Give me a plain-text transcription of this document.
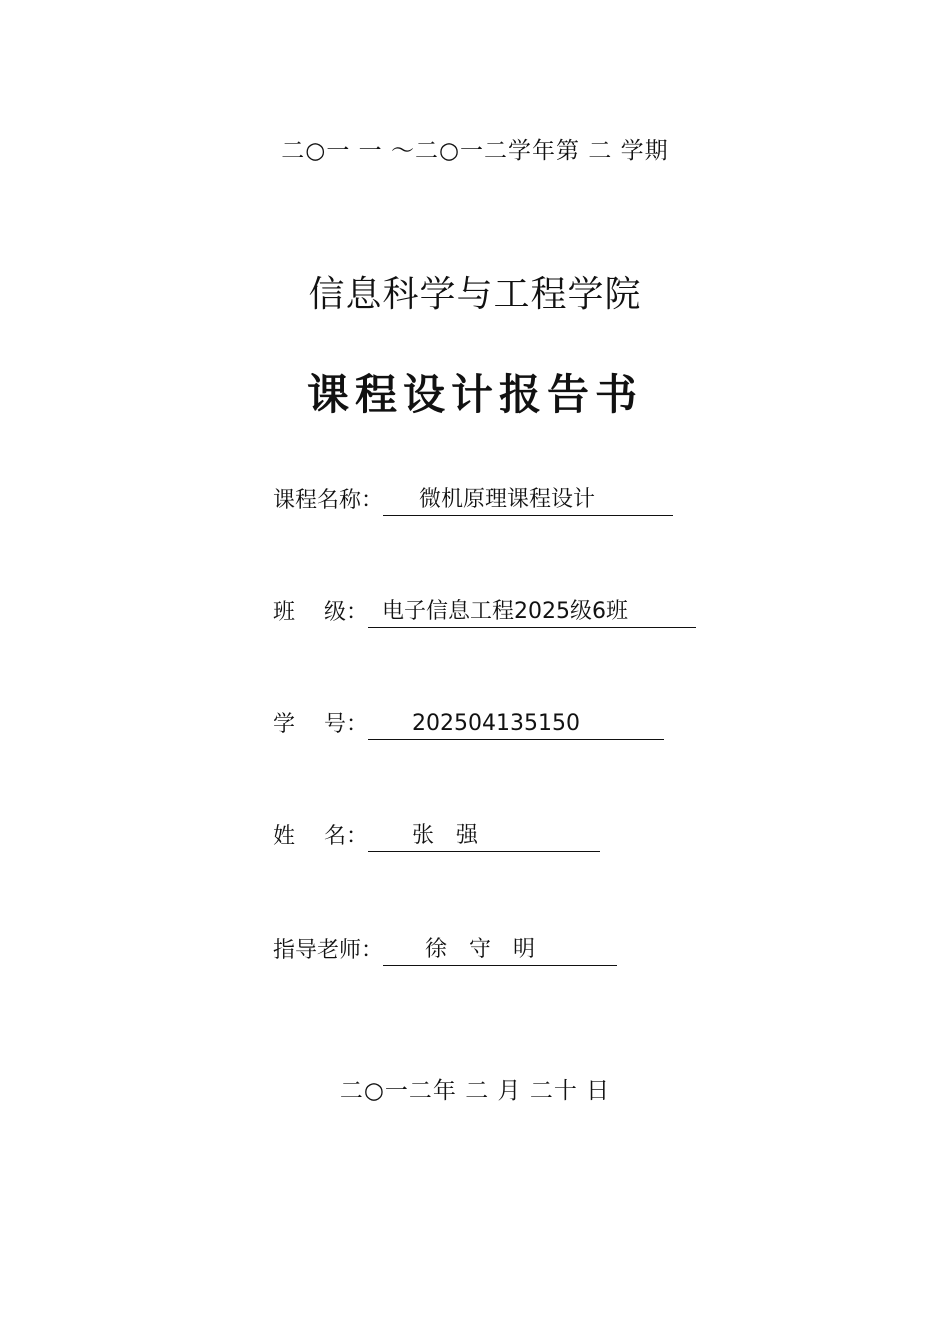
二○一 一 ～二○一二学年第 二 学期
信息科学与工程学院
课程设计报告书
课程名称：	微机原理课程设计
班　 级： 电子信息工程2025级6班
学　 号：	202504135150
姓　 名：	张　强
指导老师：	徐　守　明
二○一二年 二 月 二十 日
